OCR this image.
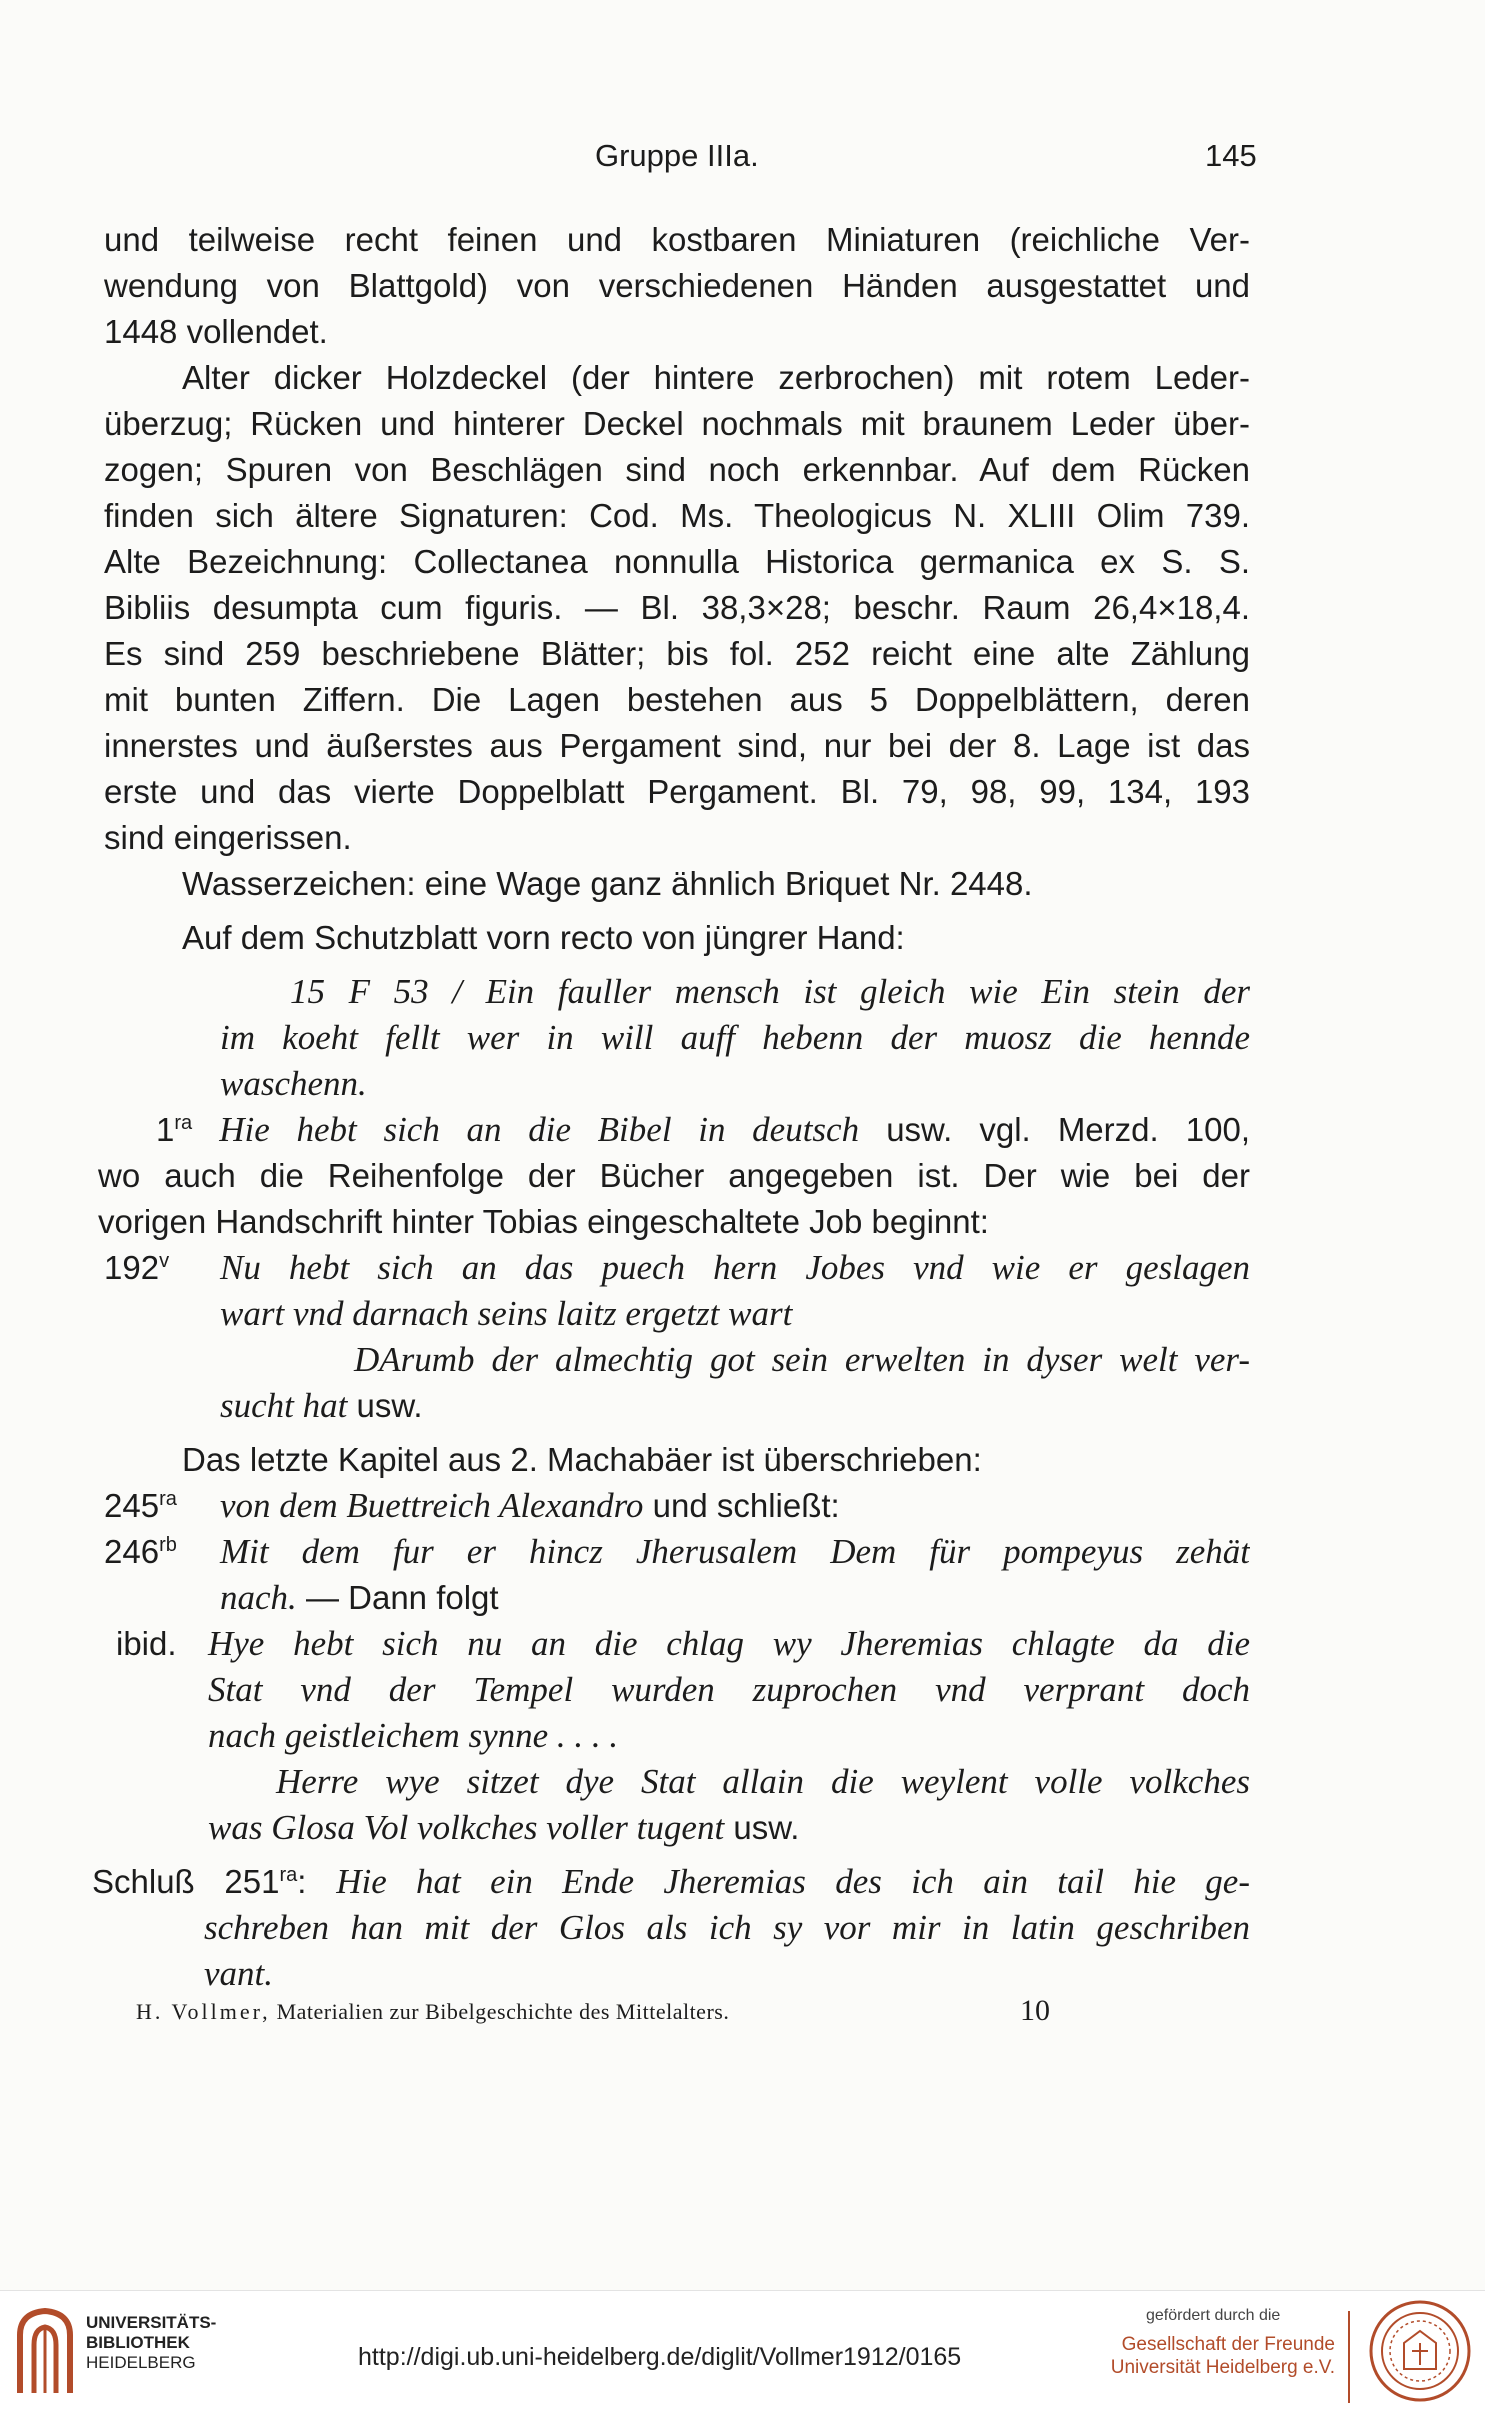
Gruppe IIIa.	145
und teilweise recht feinen und kostbaren Miniaturen (reichliche Ver-
wendung von Blattgold) von verschiedenen Händen ausgestattet und
1448 vollendet.
Alter dicker Holzdeckel (der hintere zerbrochen) mit rotem Leder-
überzug; Rücken und hinterer Deckel nochmals mit braunem Leder über-
zogen; Spuren von Beschlägen sind noch erkennbar. Auf dem Rücken
finden sich ältere Signaturen: Cod. Ms. Theologicus N. XLIII Olim 739.
Alte Bezeichnung: Collectanea nonnulla Historica germanica ex S. S.
Bibliis desumpta cum figuris. — Bl. 38,3×28; beschr. Raum 26,4×18,4.
Es sind 259 beschriebene Blätter; bis fol. 252 reicht eine alte Zählung
mit bunten Ziffern. Die Lagen bestehen aus 5 Doppelblättern, deren
innerstes und äußerstes aus Pergament sind, nur bei der 8. Lage ist das
erste und das vierte Doppelblatt Pergament. Bl. 79, 98, 99, 134, 193
sind eingerissen.
Wasserzeichen: eine Wage ganz ähnlich Briquet Nr. 2448.
Auf dem Schutzblatt vorn recto von jüngrer Hand:
15 F 53 / Ein fauller mensch ist gleich wie Ein stein der
im koeht fellt wer in will auff hebenn der muosz die hennde
waschenn.
$1^{ra}$ Hie hebt sich an die Bibel in deutsch usw. vgl. Merzd. 100,
wo auch die Reihenfolge der Bücher angegeben ist. Der wie bei der
vorigen Handschrift hinter Tobias eingeschaltete Job beginnt:
192$^v$ Nu hebt sich an das puech hern Jobes vnd wie er geslagen
wart vnd darnach seins laitz ergetzt wart
DArumb der almechtig got sein erwelten in dyser welt ver-
sucht hat usw.
Das letzte Kapitel aus 2. Machabäer ist überschrieben:
$245^{ra}$ von dem Buettreich Alexandro und schließt:
$246^{rb}$ Mit dem fur er hincz Jherusalem Dem für pompeyus zehät
nach. — Dann folgt
ibid. Hye hebt sich nu an die chlag wy Jheremias chlagte da die
Stat vnd der Tempel wurden zuprochen vnd verprant doch
nach geistleichem synne . . . .
Herre wye sitzet dye Stat allain die weylent volle volkches
was Glosa Vol volkches voller tugent usw.
Schluß $251^{ra}$: Hie hat ein Ende Jheremias des ich ain tail hie ge-
schreben han mit der Glos als ich sy vor mir in latin geschriben
vant.
H. Vollmer, Materialien zur Bibelgeschichte des Mittelalters.	10
UNIVERSITÄTS-
BIBLIOTHEK
HEIDELBERG	http://digi.ub.uni-heidelberg.de/diglit/Vollmer1912/0165
gefördert durch die
Gesellschaft der Freunde
Universität Heidelberg e.V.
